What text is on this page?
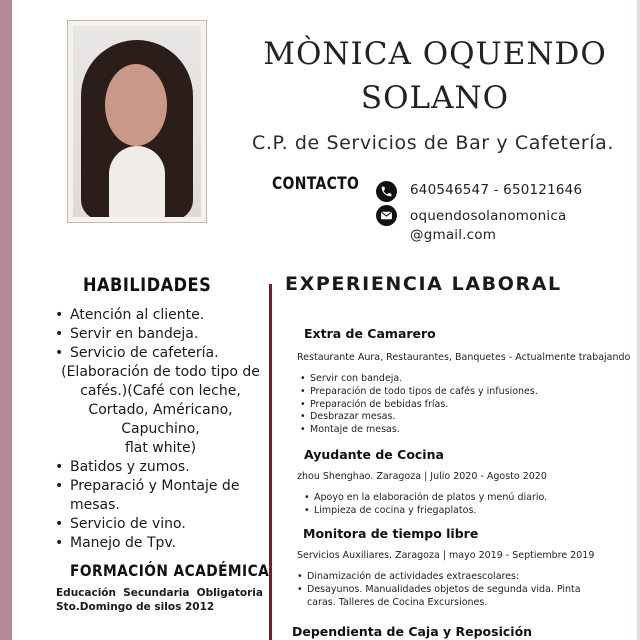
MÒNICA OQUENDO
SOLANO
C.P. de Servicios de Bar y Cafetería.
CONTACTO	640546547 - 650121646
oquendosolanomonica
@gmail.com
HABILIDADES

• Atención al cliente.

• Servir en bandeja.

• Servicio de cafetería.

(Elaboración de todo tipo de

cafés.)(Café con leche,

Cortado, Américano, Capuchino,

flat white)

• Batidos y zumos.

• Preparació y Montaje de mesas.

• Servicio de vino.

• Manejo de Tpv.

FORMACIÓN ACADÉMICA
Educación Secundaria Obligatoria
Sto.Domingo de silos 2012
EXPERIENCIA LABORAL
Extra de Camarero
Restaurante Aura, Restaurantes, Banquetes - Actualmente trabajando
• Servir con bandeja.
• Preparación de todo tipos de cafés y infusiones.
• Preparación de bebidas frías.
• Desbrazar mesas.
• Montaje de mesas.
Ayudante de Cocina
zhou Shenghao. Zaragoza | Julio 2020 - Agosto 2020
• Apoyo en la elaboración de platos y menú diario.
• Limpieza de cocina y friegaplatos.
Monitora de tiempo libre
Servicios Auxiliares. Zaragoza | mayo 2019 - Septiembre 2019
• Dinamización de actividades extraescolares:
• Desayunos. Manualidades objetos de segunda vida. Pinta caras. Talleres de Cocina Excursiones.
Dependienta de Caja y Reposición
